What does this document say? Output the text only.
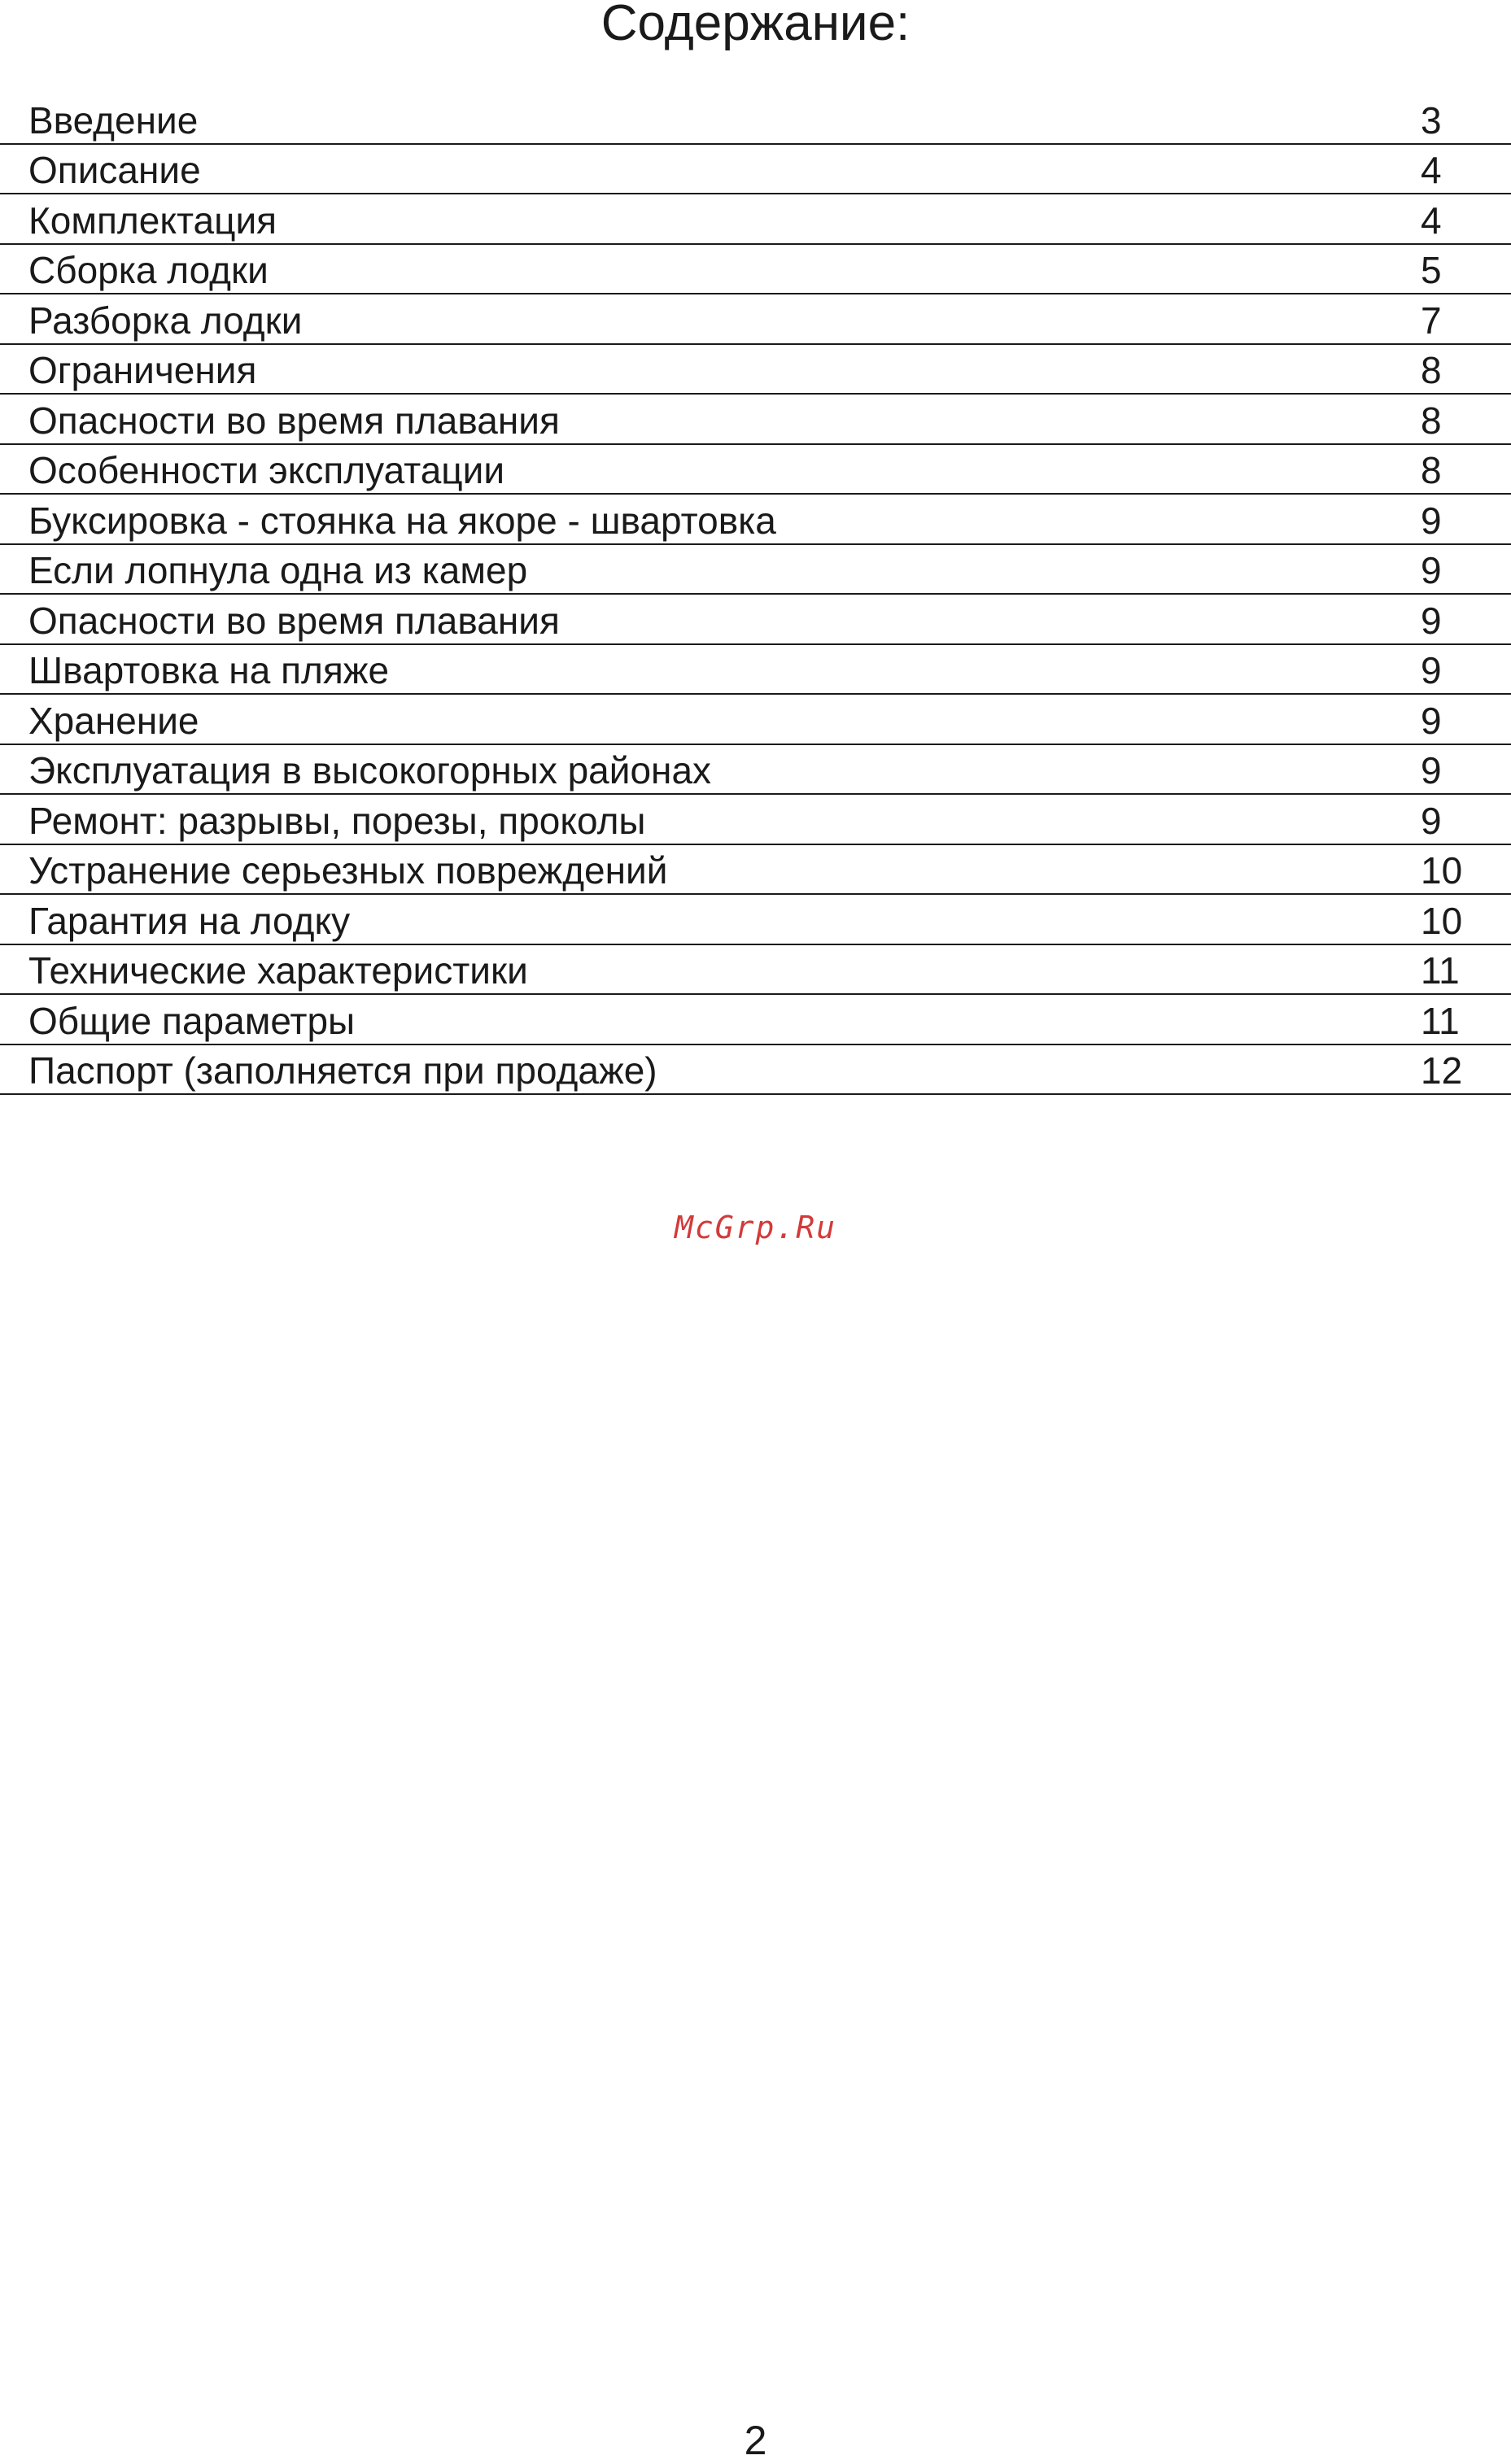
Содержание:
Введение	3
Описание	4
Комплектация	4
Сборка лодки	5
Разборка лодки	7
Ограничения	8
Опасности во время плавания	8
Особенности эксплуатации	8
Буксировка - стоянка на якоре - швартовка	9
Если лопнула одна из камер	9
Опасности во время плавания	9
Швартовка на пляже	9
Хранение	9
Эксплуатация в высокогорных районах	9
Ремонт: разрывы, порезы, проколы	9
Устранение серьезных повреждений	10
Гарантия на лодку	10
Технические характеристики	11
Общие параметры	11
Паспорт (заполняется при продаже)	12
McGrp.Ru
2
